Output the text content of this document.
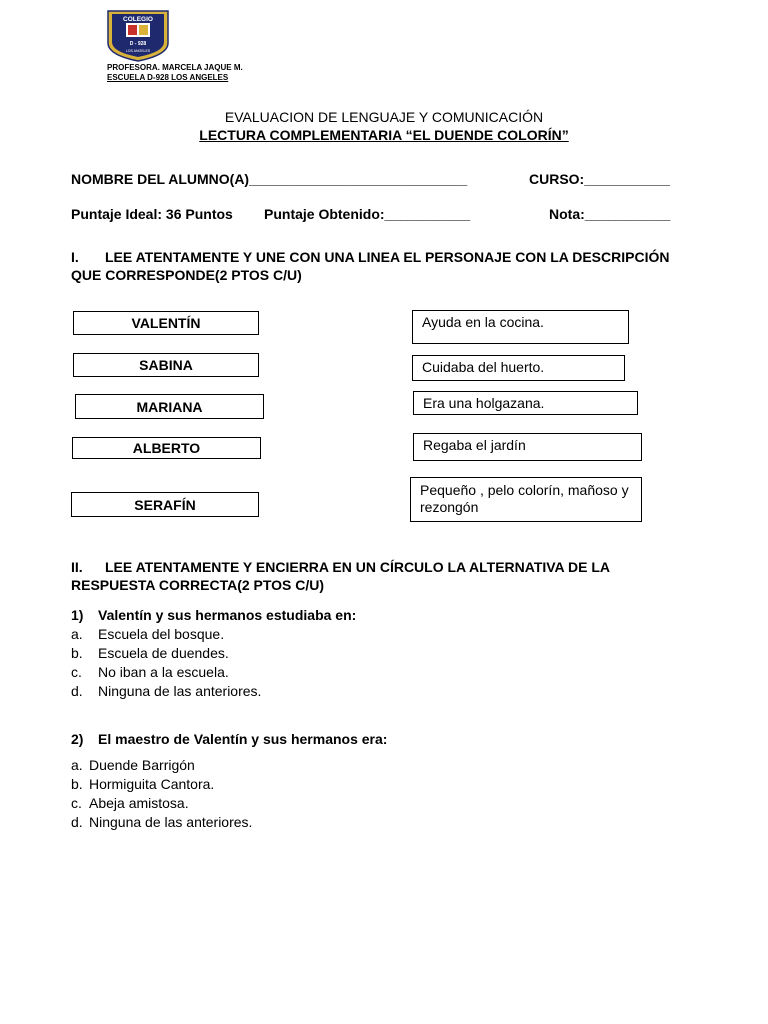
COLEGIO
D - 928
LOS ANGELES
PROFESORA. MARCELA JAQUE M.
ESCUELA D-928 LOS ANGELES
EVALUACION DE LENGUAJE Y COMUNICACIÓN
LECTURA COMPLEMENTARIA “EL DUENDE COLORÍN”
NOMBRE DEL ALUMNO(A)____________________________	CURSO:___________
Puntaje Ideal: 36 Puntos Puntaje Obtenido:___________	Nota:___________
I. LEE ATENTAMENTE Y UNE CON UNA LINEA EL PERSONAJE CON LA DESCRIPCIÓN
QUE CORRESPONDE(2 PTOS C/U)
VALENTÍN
SABINA
MARIANA
ALBERTO
SERAFÍN
Ayuda en la cocina.
Cuidaba del huerto.
Era una holgazana.
Regaba el jardín
Pequeño , pelo colorín, mañoso y rezongón
II. LEE ATENTAMENTE Y ENCIERRA EN UN CÍRCULO LA ALTERNATIVA DE LA
RESPUESTA CORRECTA(2 PTOS C/U)
1) Valentín y sus hermanos estudiaba en:
a.	Escuela del bosque.
b.	Escuela de duendes.
c.	No iban a la escuela.
d.	Ninguna de las anteriores.
2) El maestro de Valentín y sus hermanos era:
a. Duende Barrigón
b. Hormiguita Cantora.
c. Abeja amistosa.
d. Ninguna de las anteriores.
